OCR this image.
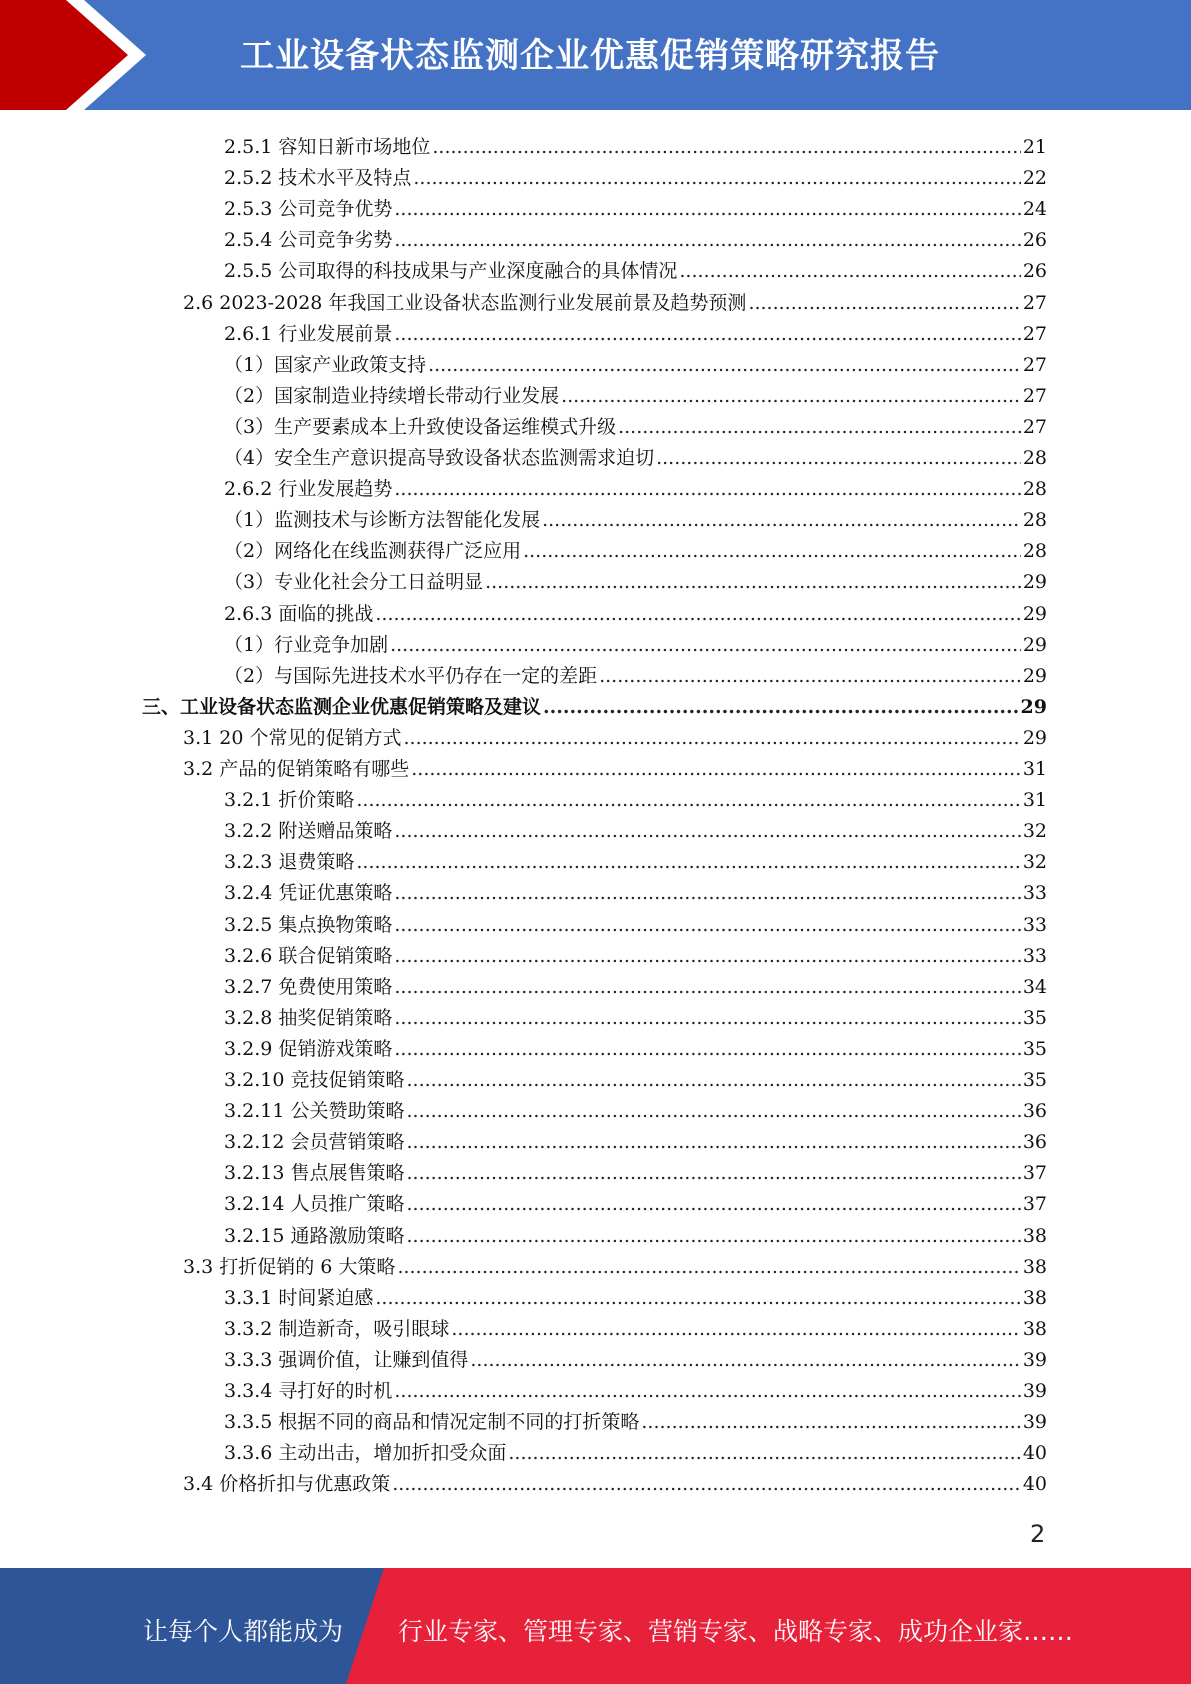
工业设备状态监测企业优惠促销策略研究报告
2.5.1 容知日新市场地位 .....	21
2.5.2 技术水平及特点 .....	22
2.5.3 公司竞争优势 .....	24
2.5.4 公司竞争劣势 .....	26
2.5.5 公司取得的科技成果与产业深度融合的具体情况 .....	26
2.6 2023-2028 年我国工业设备状态监测行业发展前景及趋势预测 .....	27
2.6.1 行业发展前景 .....	27
（1）国家产业政策支持 .....	27
（2）国家制造业持续增长带动行业发展 .....	27
（3）生产要素成本上升致使设备运维模式升级 .....	27
（4）安全生产意识提高导致设备状态监测需求迫切 .....	28
2.6.2 行业发展趋势 .....	28
（1）监测技术与诊断方法智能化发展 .....	28
（2）网络化在线监测获得广泛应用 .....	28
（3）专业化社会分工日益明显 .....	29
2.6.3 面临的挑战 .....	29
（1）行业竞争加剧 .....	29
（2）与国际先进技术水平仍存在一定的差距 .....	29
三、工业设备状态监测企业优惠促销策略及建议 .....	29
3.1 20 个常见的促销方式 .....	29
3.2 产品的促销策略有哪些 .....	31
3.2.1 折价策略 .....	31
3.2.2 附送赠品策略 .....	32
3.2.3 退费策略 .....	32
3.2.4 凭证优惠策略 .....	33
3.2.5 集点换物策略 .....	33
3.2.6 联合促销策略 .....	33
3.2.7 免费使用策略 .....	34
3.2.8 抽奖促销策略 .....	35
3.2.9 促销游戏策略 .....	35
3.2.10 竞技促销策略 .....	35
3.2.11 公关赞助策略 .....	36
3.2.12 会员营销策略 .....	36
3.2.13 售点展售策略 .....	37
3.2.14 人员推广策略 .....	37
3.2.15 通路激励策略 .....	38
3.3 打折促销的 6 大策略 .....	38
3.3.1 时间紧迫感 .....	38
3.3.2 制造新奇，吸引眼球 .....	38
3.3.3 强调价值，让赚到值得 .....	39
3.3.4 寻打好的时机 .....	39
3.3.5 根据不同的商品和情况定制不同的打折策略 .....	39
3.3.6 主动出击，增加折扣受众面 .....	40
3.4 价格折扣与优惠政策 .....	40
2
让每个人都能成为 行业专家、管理专家、营销专家、战略专家、成功企业家……
